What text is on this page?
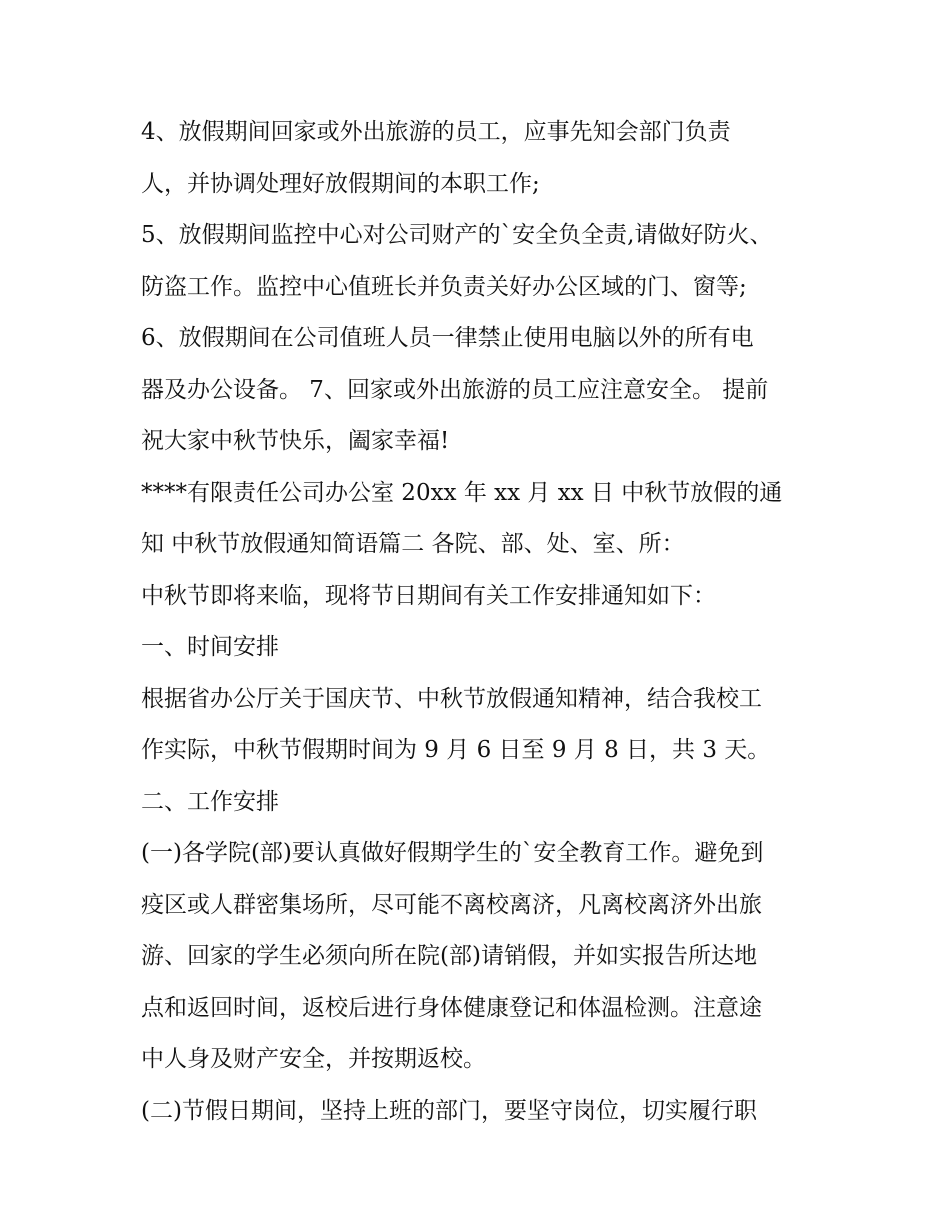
4、放假期间回家或外出旅游的员工，应事先知会部门负责
人，并协调处理好放假期间的本职工作;
5、放假期间监控中心对公司财产的`安全负全责,请做好防火、
防盗工作。监控中心值班长并负责关好办公区域的门、窗等;
6、放假期间在公司值班人员一律禁止使用电脑以外的所有电
器及办公设备。 7、回家或外出旅游的员工应注意安全。 提前
祝大家中秋节快乐，阖家幸福!
****有限责任公司办公室 20xx 年 xx 月 xx 日 中秋节放假的通
知 中秋节放假通知简语篇二 各院、部、处、室、所：
中秋节即将来临，现将节日期间有关工作安排通知如下：
一、时间安排
根据省办公厅关于国庆节、中秋节放假通知精神，结合我校工
作实际，中秋节假期时间为 9 月 6 日至 9 月 8 日，共 3 天。
二、工作安排
(一)各学院(部)要认真做好假期学生的`安全教育工作。避免到
疫区或人群密集场所，尽可能不离校离济，凡离校离济外出旅
游、回家的学生必须向所在院(部)请销假，并如实报告所达地
点和返回时间，返校后进行身体健康登记和体温检测。注意途
中人身及财产安全，并按期返校。
(二)节假日期间，坚持上班的部门，要坚守岗位，切实履行职
